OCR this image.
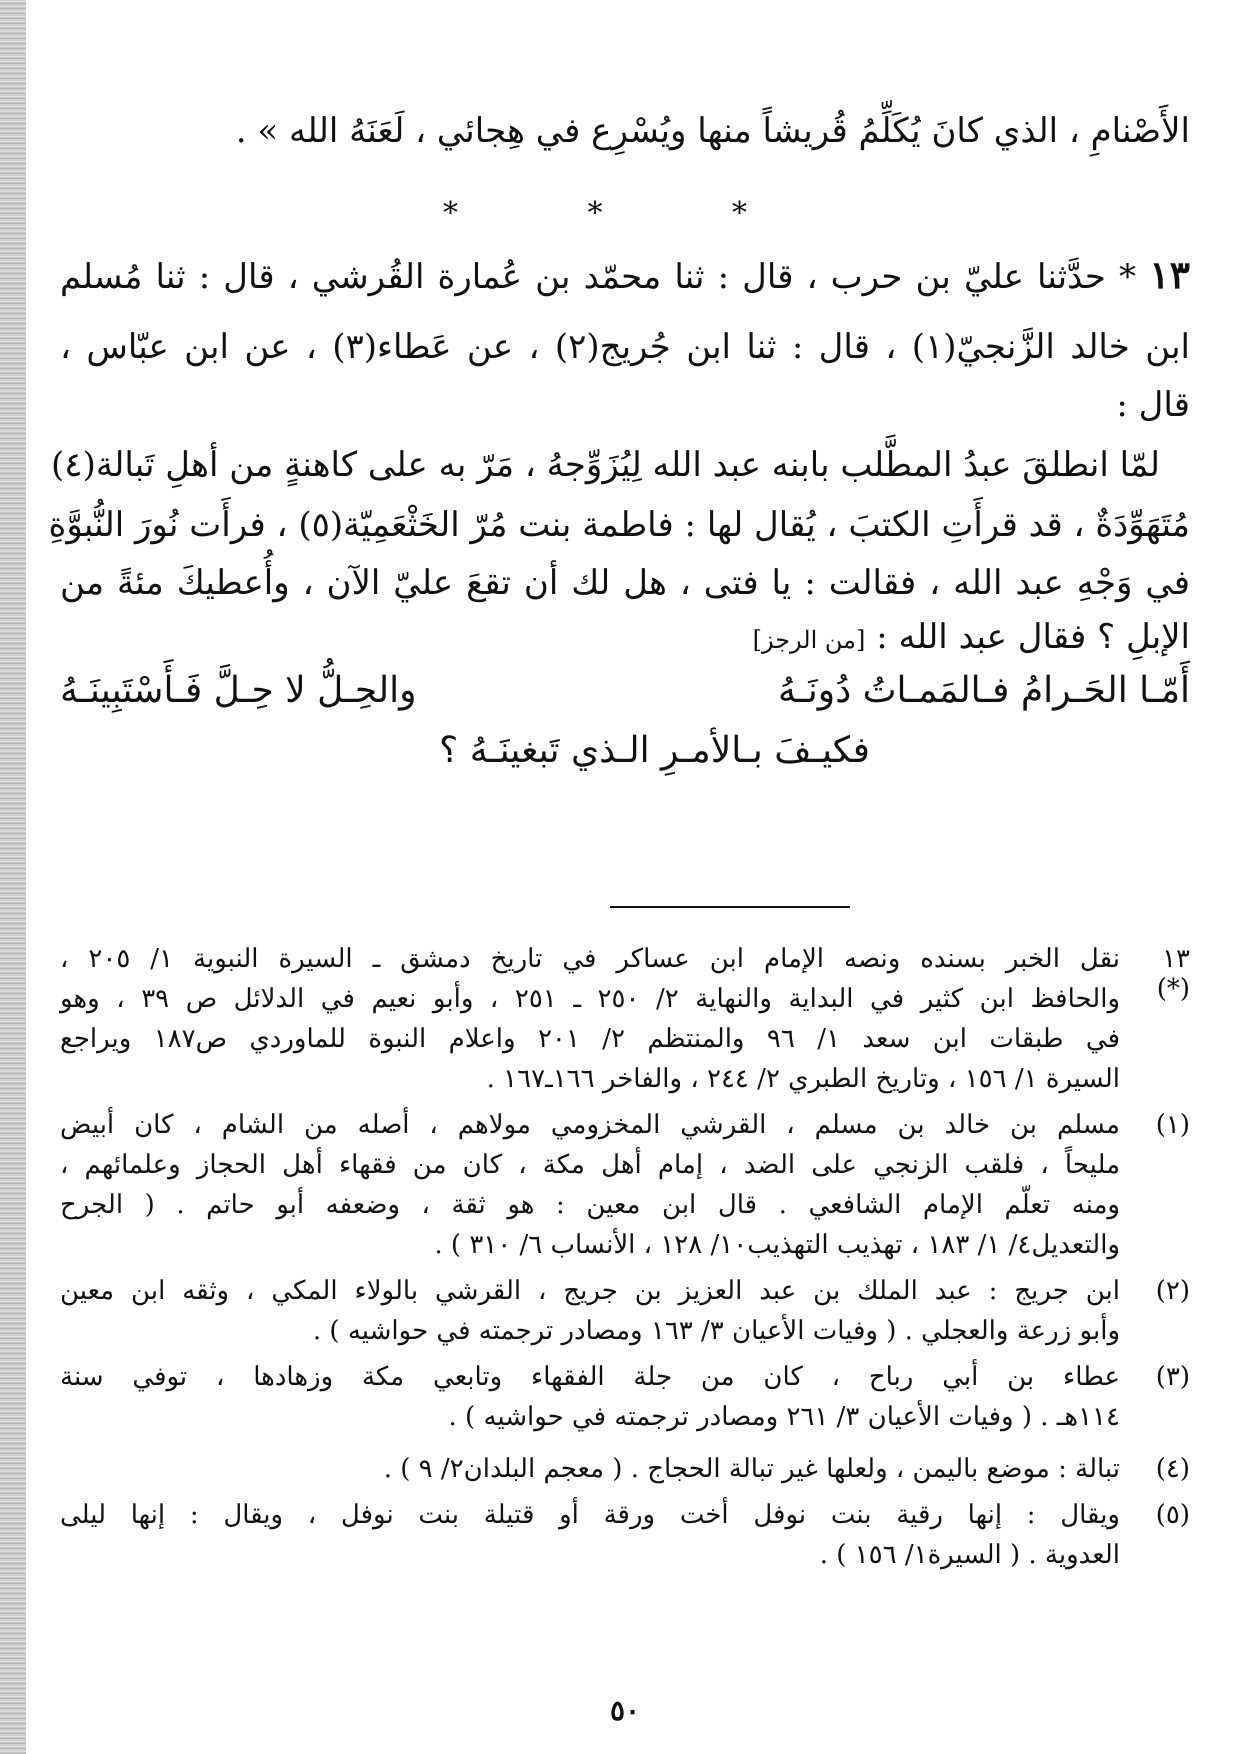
الأَصْنامِ ، الذي كانَ يُكَلِّمُ قُريشاً منها ويُسْرِع في هِجائي ، لَعَنَهُ الله » .
* * *
١٣ * حدَّثنا عليّ بن حرب ، قال : ثنا محمّد بن عُمارة القُرشي ، قال : ثنا مُسلم
ابن خالد الزَّنجيّ(١) ، قال : ثنا ابن جُريج(٢) ، عن عَطاء(٣) ، عن ابن عبّاس ،
قال :
لمّا انطلقَ عبدُ المطَّلب بابنه عبد الله لِيُزَوِّجهُ ، مَرّ به على كاهنةٍ من أهلِ تَبالة(٤)
مُتَهَوِّدَةٌ ، قد قرأَتِ الكتبَ ، يُقال لها : فاطمة بنت مُرّ الخَثْعَمِيّة(٥) ، فرأَت نُورَ النُّبوَّةِ
في وَجْهِ عبد الله ، فقالت : يا فتى ، هل لك أن تقعَ عليّ الآن ، وأُعطيكَ مئةً من
الإبلِ ؟ فقال عبد الله : [من الرجز]
أَمّـا الحَـرامُ فـالمَمـاتُ دُونَـهُ
والحِـلُّ لا حِـلَّ فَـأَسْتَبِينَـهُ
فكيـفَ بـالأمـرِ الـذي تَبغينَـهُ ؟
١٣ (*)
نقل الخبر بسنده ونصه الإمام ابن عساكر في تاريخ دمشق ـ السيرة النبوية ١/ ٢٠٥ ،
والحافظ ابن كثير في البداية والنهاية ٢/ ٢٥٠ ـ ٢٥١ ، وأبو نعيم في الدلائل ص ٣٩ ، وهو
في طبقات ابن سعد ١/ ٩٦ والمنتظم ٢/ ٢٠١ واعلام النبوة للماوردي ص١٨٧ ويراجع
السيرة ١/ ١٥٦ ، وتاريخ الطبري ٢/ ٢٤٤ ، والفاخر ١٦٦ـ١٦٧ .
(١)
مسلم بن خالد بن مسلم ، القرشي المخزومي مولاهم ، أصله من الشام ، كان أبيض
مليحاً ، فلقب الزنجي على الضد ، إمام أهل مكة ، كان من فقهاء أهل الحجاز وعلمائهم ،
ومنه تعلّم الإمام الشافعي . قال ابن معين : هو ثقة ، وضعفه أبو حاتم . ( الجرح
والتعديل٤/ ١/ ١٨٣ ، تهذيب التهذيب١٠/ ١٢٨ ، الأنساب ٦/ ٣١٠ ) .
(٢)
ابن جريج : عبد الملك بن عبد العزيز بن جريج ، القرشي بالولاء المكي ، وثقه ابن معين
وأبو زرعة والعجلي . ( وفيات الأعيان ٣/ ١٦٣ ومصادر ترجمته في حواشيه ) .
(٣)
عطاء بن أبي رباح ، كان من جلة الفقهاء وتابعي مكة وزهادها ، توفي سنة
١١٤هـ . ( وفيات الأعيان ٣/ ٢٦١ ومصادر ترجمته في حواشيه ) .
(٤)
تبالة : موضع باليمن ، ولعلها غير تبالة الحجاج . ( معجم البلدان٢/ ٩ ) .
(٥)
ويقال : إنها رقية بنت نوفل أخت ورقة أو قتيلة بنت نوفل ، ويقال : إنها ليلى
العدوية . ( السيرة١/ ١٥٦ ) .
٥٠
